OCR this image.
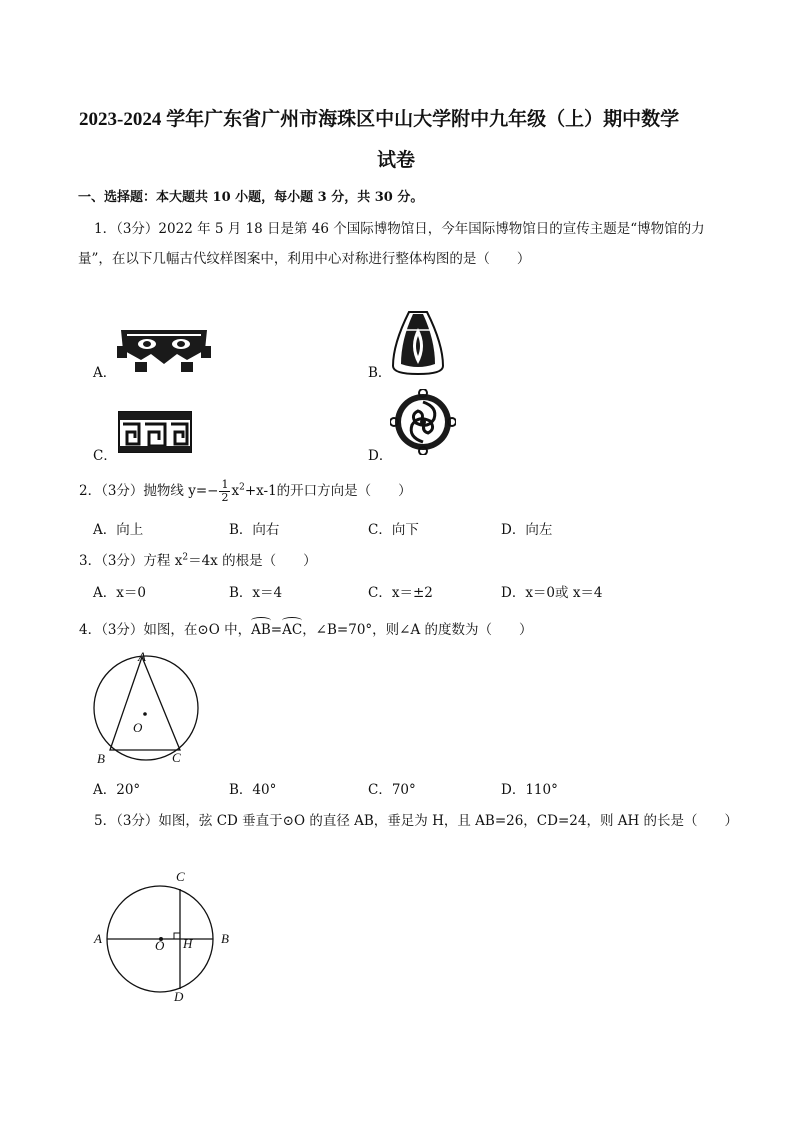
2023-2024 学年广东省广州市海珠区中山大学附中九年级（上）期中数学
试卷
一、选择题：本大题共 10 小题，每小题 3 分，共 30 分。
1．（3分）2022 年 5 月 18 日是第 46 个国际博物馆日，今年国际博物馆日的宣传主题是“博物馆的力
量”，在以下几幅古代纹样图案中，利用中心对称进行整体构图的是（　　）
A．	B．
C．	D．
2．（3分）抛物线 $y=- \frac{1}{2} x^2+x-1$的开口方向是（　　）
A．向上	B．向右	C．向下	D．向左
3．（3分）方程 $x^2=4x$ 的根是（　　）
A．x＝0	B．x＝4	C．x＝±2	D．x＝0或 x＝4
4．（3分）如图，在⊙O 中，AB=AC，∠B=70°，则∠A 的度数为（　　）
A
O
B	C
A．20°	B．40°	C．70°	D．110°
5．（3分）如图，弦 CD 垂直于⊙O 的直径 AB，垂足为 H，且 AB=26，CD=24，则 AH 的长是（　　）
C
A	B
O H
D
